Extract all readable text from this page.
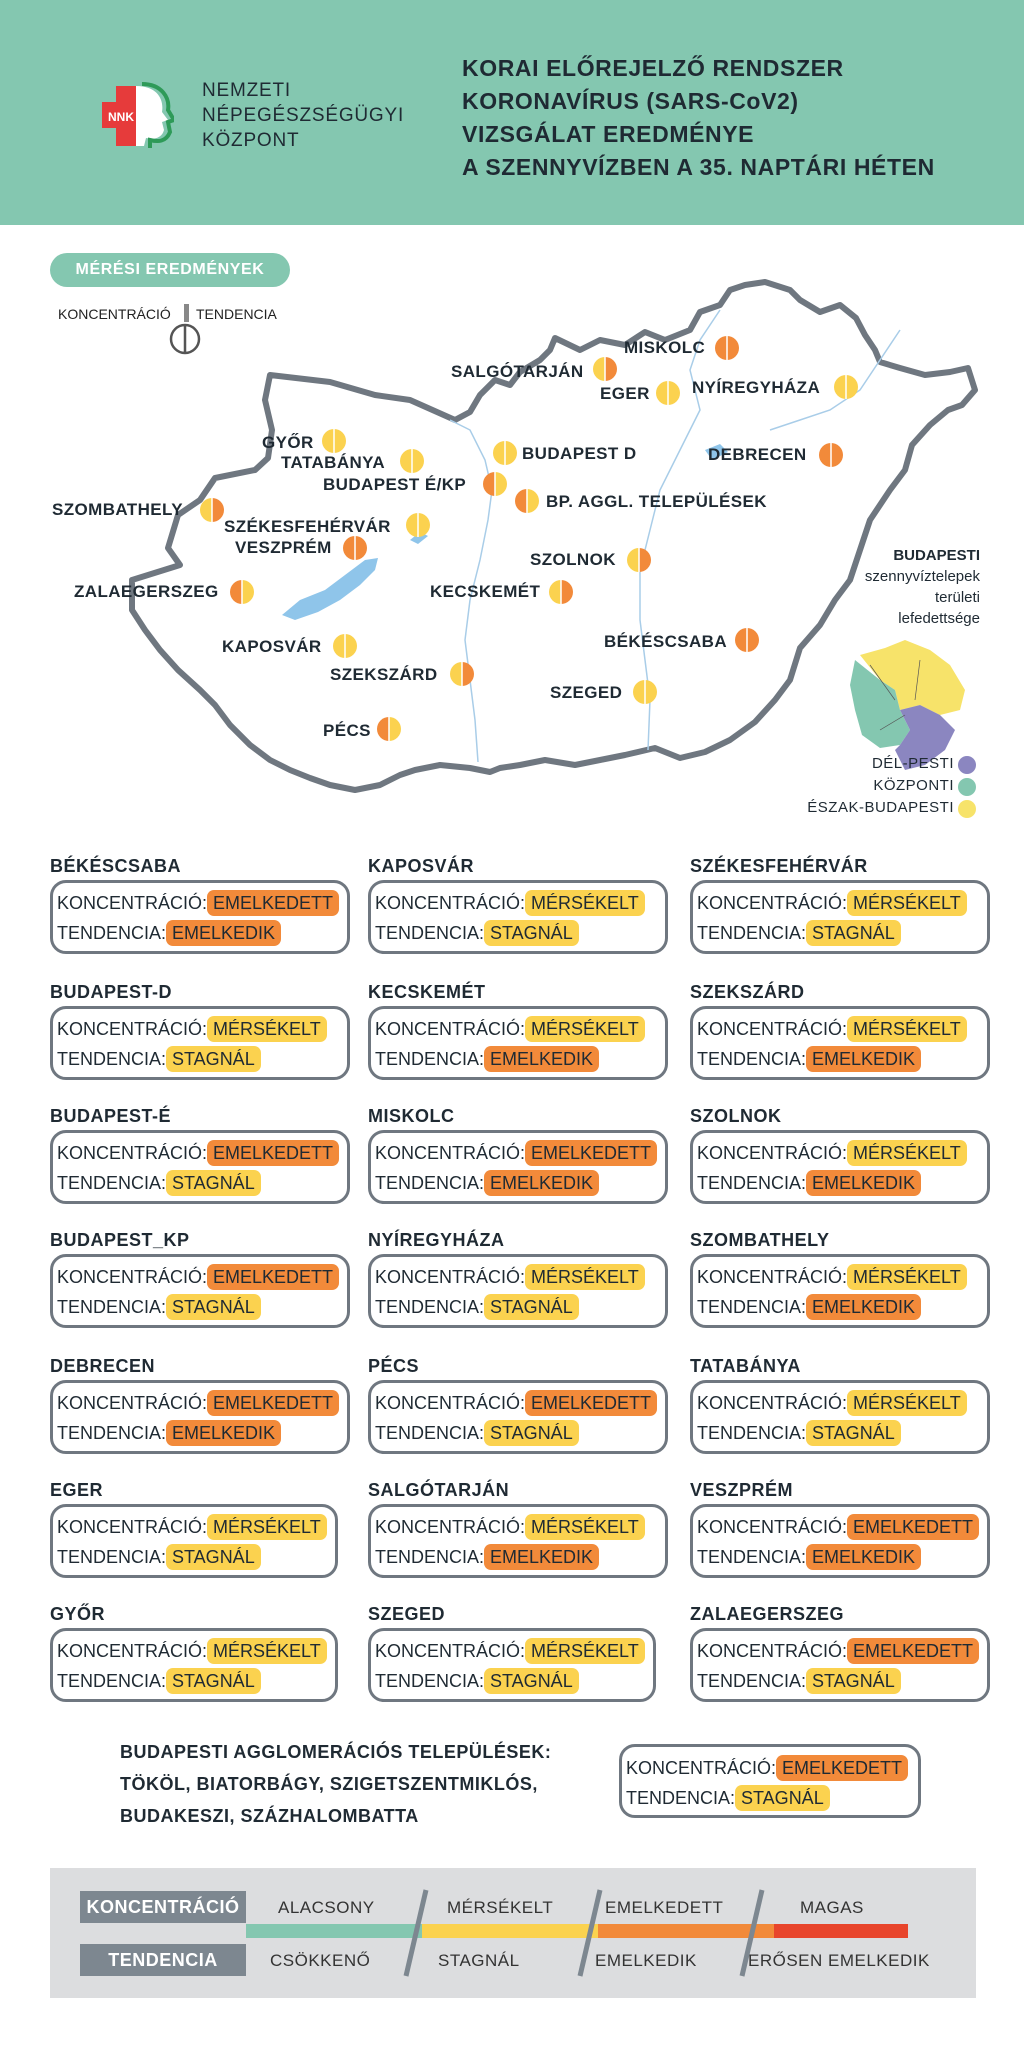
NNK
NEMZETI
NÉPEGÉSZSÉGÜGYI
KÖZPONT
KORAI ELŐREJELZŐ RENDSZER
KORONAVÍRUS (SARS-CoV2)
VIZSGÁLAT EREDMÉNYE
A SZENNYVÍZBEN A 35. NAPTÁRI HÉTEN
MÉRÉSI EREDMÉNYEK
KONCENTRÁCIÓ TENDENCIA
MISKOLC
SALGÓTARJÁN
EGER NYÍREGYHÁZA
GYŐR
TATABÁNYA	BUDAPEST D	DEBRECEN
BUDAPEST É/KP
BP. AGGL. TELEPÜLÉSEK
SZOMBATHELY
SZÉKESFEHÉRVÁR
VESZPRÉM
SZOLNOK
ZALAEGERSZEG	KECSKEMÉT
BÉKÉSCSABA
KAPOSVÁR
SZEKSZÁRD
SZEGED
PÉCS
BUDAPESTI
szennyvíztelepek
területi
lefedettsége
DÉL-PESTI
KÖZPONTI
ÉSZAK-BUDAPESTI
BÉKÉSCSABA
KONCENTRÁCIÓ: EMELKEDETT
TENDENCIA: EMELKEDIK
KAPOSVÁR
KONCENTRÁCIÓ: MÉRSÉKELT
TENDENCIA: STAGNÁL
SZÉKESFEHÉRVÁR
KONCENTRÁCIÓ: MÉRSÉKELT
TENDENCIA: STAGNÁL
BUDAPEST-D
KONCENTRÁCIÓ: MÉRSÉKELT
TENDENCIA: STAGNÁL
KECSKEMÉT
KONCENTRÁCIÓ: MÉRSÉKELT
TENDENCIA: EMELKEDIK
SZEKSZÁRD
KONCENTRÁCIÓ: MÉRSÉKELT
TENDENCIA: EMELKEDIK
BUDAPEST-É
KONCENTRÁCIÓ: EMELKEDETT
TENDENCIA: STAGNÁL
MISKOLC
KONCENTRÁCIÓ: EMELKEDETT
TENDENCIA: EMELKEDIK
SZOLNOK
KONCENTRÁCIÓ: MÉRSÉKELT
TENDENCIA: EMELKEDIK
BUDAPEST_KP
KONCENTRÁCIÓ: EMELKEDETT
TENDENCIA: STAGNÁL
NYÍREGYHÁZA
KONCENTRÁCIÓ: MÉRSÉKELT
TENDENCIA: STAGNÁL
SZOMBATHELY
KONCENTRÁCIÓ: MÉRSÉKELT
TENDENCIA: EMELKEDIK
DEBRECEN
KONCENTRÁCIÓ: EMELKEDETT
TENDENCIA: EMELKEDIK
PÉCS
KONCENTRÁCIÓ: EMELKEDETT
TENDENCIA: STAGNÁL
TATABÁNYA
KONCENTRÁCIÓ: MÉRSÉKELT
TENDENCIA: STAGNÁL
EGER
KONCENTRÁCIÓ: MÉRSÉKELT
TENDENCIA: STAGNÁL
SALGÓTARJÁN
KONCENTRÁCIÓ: MÉRSÉKELT
TENDENCIA: EMELKEDIK
VESZPRÉM
KONCENTRÁCIÓ: EMELKEDETT
TENDENCIA: EMELKEDIK
GYŐR
KONCENTRÁCIÓ: MÉRSÉKELT
TENDENCIA: STAGNÁL
SZEGED
KONCENTRÁCIÓ: MÉRSÉKELT
TENDENCIA: STAGNÁL
ZALAEGERSZEG
KONCENTRÁCIÓ: EMELKEDETT
TENDENCIA: STAGNÁL
BUDAPESTI AGGLOMERÁCIÓS TELEPÜLÉSEK:
TÖKÖL, BIATORBÁGY, SZIGETSZENTMIKLÓS,
BUDAKESZI, SZÁZHALOMBATTA
KONCENTRÁCIÓ: EMELKEDETT
TENDENCIA: STAGNÁL
KONCENTRÁCIÓ
TENDENCIA
ALACSONY	MÉRSÉKELT	EMELKEDETT	MAGAS
CSÖKKENŐ	STAGNÁL	EMELKEDIK	ERŐSEN EMELKEDIK
